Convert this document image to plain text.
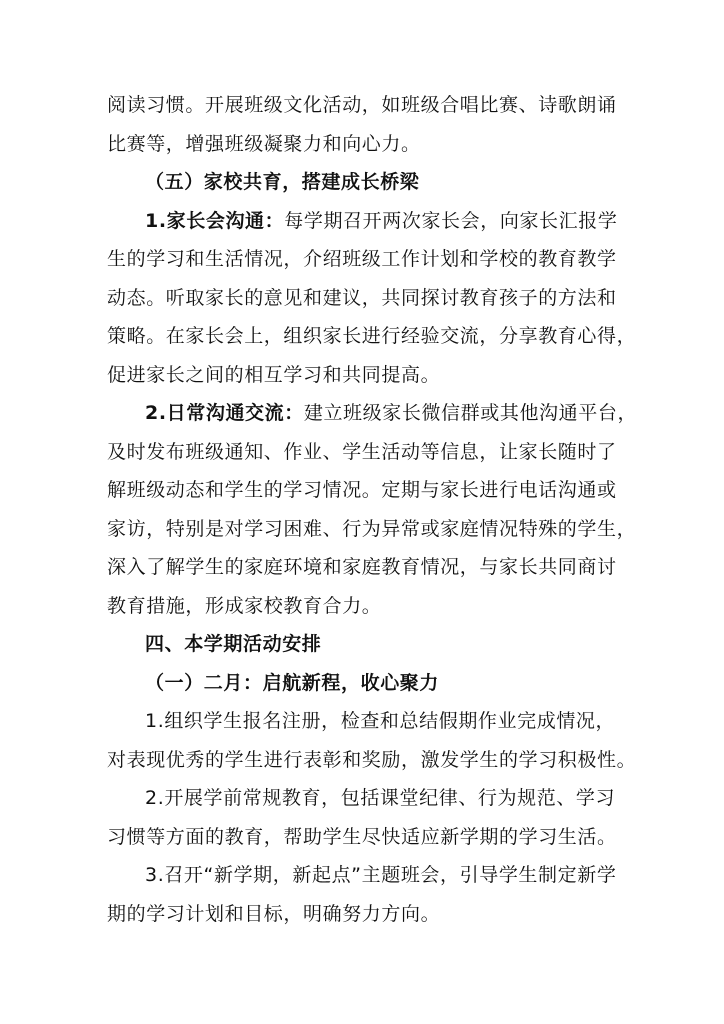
阅读习惯。开展班级文化活动，如班级合唱比赛、诗歌朗诵
比赛等，增强班级凝聚力和向心力。
（五）家校共育，搭建成长桥梁
1.家长会沟通：每学期召开两次家长会，向家长汇报学
生的学习和生活情况，介绍班级工作计划和学校的教育教学
动态。听取家长的意见和建议，共同探讨教育孩子的方法和
策略。在家长会上，组织家长进行经验交流，分享教育心得，
促进家长之间的相互学习和共同提高。
2.日常沟通交流：建立班级家长微信群或其他沟通平台，
及时发布班级通知、作业、学生活动等信息，让家长随时了
解班级动态和学生的学习情况。定期与家长进行电话沟通或
家访，特别是对学习困难、行为异常或家庭情况特殊的学生，
深入了解学生的家庭环境和家庭教育情况，与家长共同商讨
教育措施，形成家校教育合力。
四、本学期活动安排
（一）二月：启航新程，收心聚力
1.组织学生报名注册，检查和总结假期作业完成情况，
对表现优秀的学生进行表彰和奖励，激发学生的学习积极性。
2.开展学前常规教育，包括课堂纪律、行为规范、学习
习惯等方面的教育，帮助学生尽快适应新学期的学习生活。
3.召开“新学期，新起点”主题班会，引导学生制定新学
期的学习计划和目标，明确努力方向。
